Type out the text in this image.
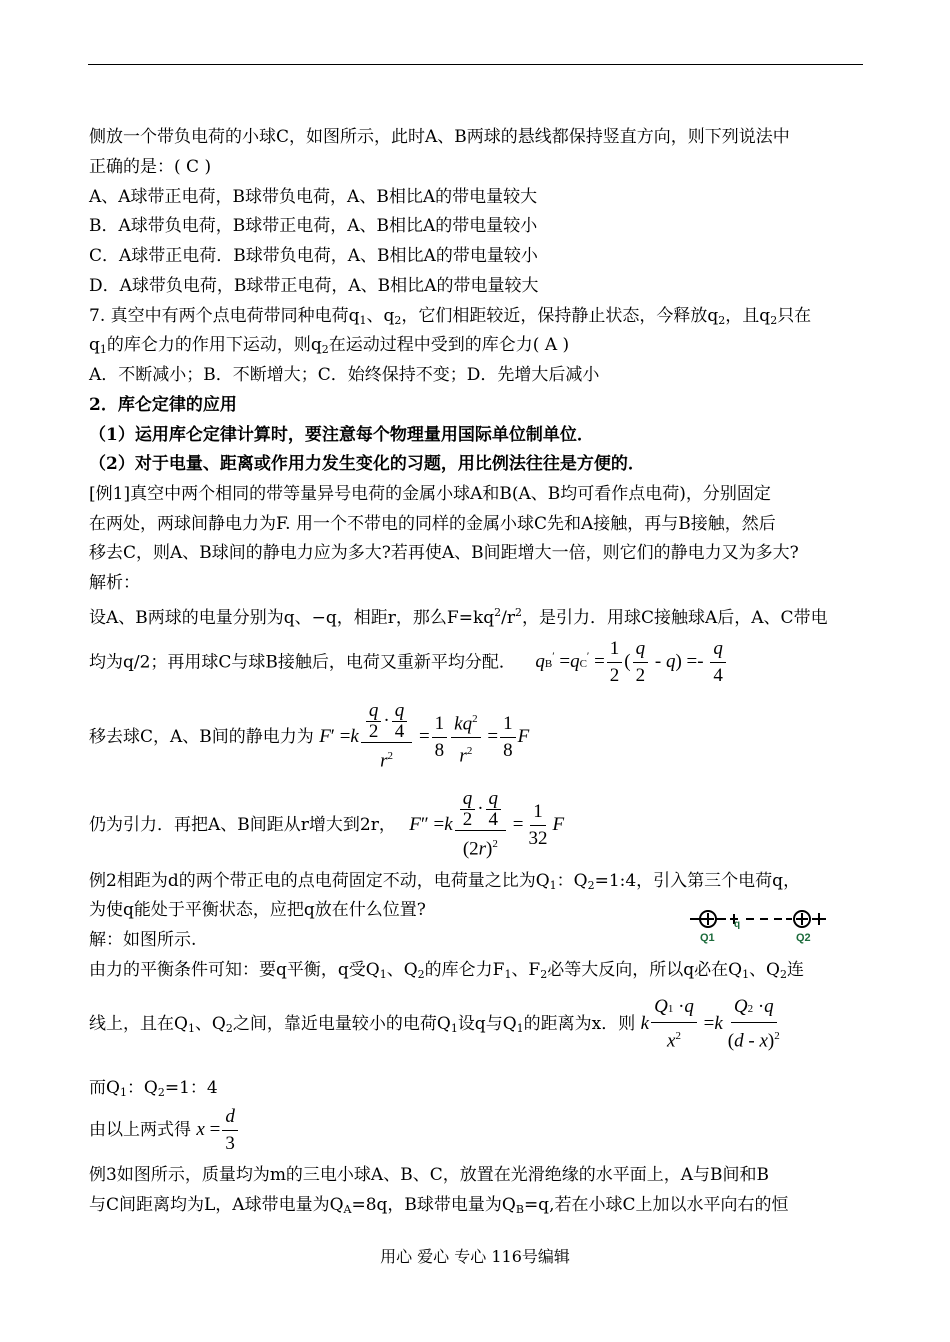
侧放一个带负电荷的小球C，如图所示，此时A、B两球的悬线都保持竖直方向，则下列说法中
正确的是：( C )
A、A球带正电荷，B球带负电荷，A、B相比A的带电量较大
B．A球带负电荷，B球带正电荷，A、B相比A的带电量较小
C．A球带正电荷．B球带负电荷，A、B相比A的带电量较小
D．A球带负电荷，B球带正电荷，A、B相比A的带电量较大
7. 真空中有两个点电荷带同种电荷$q_1$、$q_2$，它们相距较近，保持静止状态，今释放$q_2$，且$q_2$只在
$q_1$的库仑力的作用下运动，则$q_2$在运动过程中受到的库仑力( A )
A．不断减小；B．不断增大；C．始终保持不变；D．先增大后减小
2．库仑定律的应用
（1）运用库仑定律计算时，要注意每个物理量用国际单位制单位．
（2）对于电量、距离或作用力发生变化的习题，用比例法往往是方便的．
[例1]真空中两个相同的带等量异号电荷的金属小球A和B(A、B均可看作点电荷)，分别固定
在两处，两球间静电力为F. 用一个不带电的同样的金属小球C先和A接触，再与B接触，然后
移去C，则A、B球间的静电力应为多大?若再使A、B间距增大一倍，则它们的静电力又为多大?
解析：
设A、B两球的电量分别为q、−q，相距r，那么$F=kq^2/r^2$，是引力．用球C接触球A后，A、C带电
均为q/2；再用球C与球B接触后，电荷又重新平均分配． $qB' =qC' = \frac{1}{2}$ ( $\frac{q}{2} - q) =- \frac{q}{4}$
移去球C，A、B间的静电力为 $F' =k \frac{\frac{q}{2} \cdot \frac{q}{4}}{r^2} = \frac{1}{8} \frac{kq^2}{r^2} = \frac{1}{8}$ F
仍为引力．再把A、B间距从r增大到2r， $F'' =k \frac{\frac{q}{2} \cdot \frac{q}{4}}{(2r)^2} = \frac{1}{32}$ F
例2相距为d的两个带正电的点电荷固定不动，电荷量之比为$Q_1$：$Q_2=1:4$，引入第三个电荷q，
为使q能处于平衡状态，应把q放在什么位置?
解：如图所示.	Q1
q
Q2
由力的平衡条件可知：要q平衡，q受$Q_1$、$Q_2$的库仑力$F_1$、$F_2$必等大反向，所以q必在$Q_1$、$Q_2$连
线上，且在$Q_1$、$Q_2$之间，靠近电量较小的电荷$Q_1$设q与$Q_1$的距离为x．则 k $\frac{Q1 \cdot q}{x^2} =k \frac{Q2 \cdot q}{(d - x)^2}$
而$Q_1$：$Q_2=1$：4
由以上两式得 $x = \frac{d}{3}$
例3如图所示，质量均为m的三电小球A、B、C，放置在光滑绝缘的水平面上，A与B间和B
与C间距离均为L，A球带电量为$Q_A=8q$，B球带电量为$Q_B=q$,若在小球C上加以水平向右的恒
用心 爱心 专心 116号编辑
